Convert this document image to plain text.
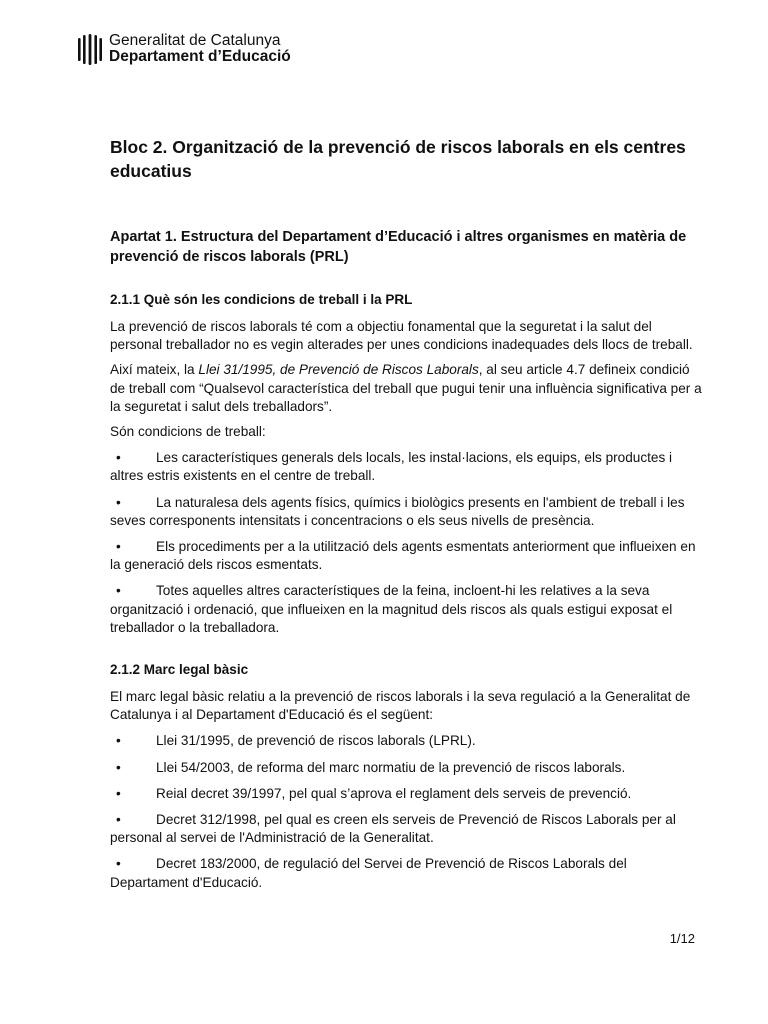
Generalitat de Catalunya
Departament d’Educació
Bloc 2. Organització de la prevenció de riscos laborals en els centres educatius
Apartat 1. Estructura del Departament d’Educació i altres organismes en matèria de prevenció de riscos laborals (PRL)
2.1.1 Què són les condicions de treball i la PRL

La prevenció de riscos laborals té com a objectiu fonamental que la seguretat i la salut del personal treballador no es vegin alterades per unes condicions inadequades dels llocs de treball.

Així mateix, la Llei 31/1995, de Prevenció de Riscos Laborals, al seu article 4.7 defineix condició de treball com “Qualsevol característica del treball que pugui tenir una influència significativa per a la seguretat i salut dels treballadors”.

Són condicions de treball:

•	Les característiques generals dels locals, les instal·lacions, els equips, els productes i altres estris existents en el centre de treball.
•	La naturalesa dels agents físics, químics i biològics presents en l'ambient de treball i les seves corresponents intensitats i concentracions o els seus nivells de presència.
•	Els procediments per a la utilització dels agents esmentats anteriorment que influeixen en la generació dels riscos esmentats.
•	Totes aquelles altres característiques de la feina, incloent-hi les relatives a la seva organització i ordenació, que influeixen en la magnitud dels riscos als quals estigui exposat el treballador o la treballadora.
2.1.2 Marc legal bàsic

El marc legal bàsic relatiu a la prevenció de riscos laborals i la seva regulació a la Generalitat de Catalunya i al Departament d'Educació és el següent:

•	Llei 31/1995, de prevenció de riscos laborals (LPRL).
•	Llei 54/2003, de reforma del marc normatiu de la prevenció de riscos laborals.
•	Reial decret 39/1997, pel qual s’aprova el reglament dels serveis de prevenció.
•	Decret 312/1998, pel qual es creen els serveis de Prevenció de Riscos Laborals per al personal al servei de l'Administració de la Generalitat.
•	Decret 183/2000, de regulació del Servei de Prevenció de Riscos Laborals del Departament d'Educació.
1/12
